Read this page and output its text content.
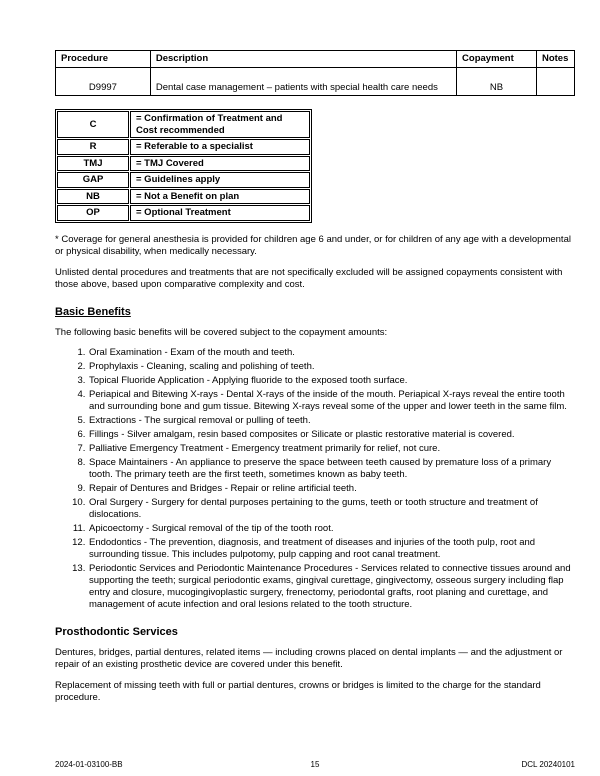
Procedure	Description	Copayment	Notes
D9997	Dental case management – patients with special health care needs	NB	
C	= Confirmation of Treatment and Cost recommended
R	= Referable to a specialist
TMJ	= TMJ Covered
GAP	= Guidelines apply
NB	= Not a Benefit on plan
OP	= Optional Treatment

* Coverage for general anesthesia is provided for children age 6 and under, or for children of any age with a developmental or physical disability, when medically necessary.

Unlisted dental procedures and treatments that are not specifically excluded will be assigned copayments consistent with those above, based upon comparative complexity and cost.

Basic Benefits

The following basic benefits will be covered subject to the copayment amounts:

1. Oral Examination - Exam of the mouth and teeth.
2. Prophylaxis - Cleaning, scaling and polishing of teeth.
3. Topical Fluoride Application - Applying fluoride to the exposed tooth surface.
4. Periapical and Bitewing X-rays - Dental X-rays of the inside of the mouth. Periapical X-rays reveal the entire tooth and surrounding bone and gum tissue. Bitewing X-rays reveal some of the upper and lower teeth in the same film.
5. Extractions - The surgical removal or pulling of teeth.
6. Fillings - Silver amalgam, resin based composites or Silicate or plastic restorative material is covered.
7. Palliative Emergency Treatment - Emergency treatment primarily for relief, not cure.
8. Space Maintainers - An appliance to preserve the space between teeth caused by premature loss of a primary tooth. The primary teeth are the first teeth, sometimes known as baby teeth.
9. Repair of Dentures and Bridges - Repair or reline artificial teeth.
10. Oral Surgery - Surgery for dental purposes pertaining to the gums, teeth or tooth structure and treatment of dislocations.
11. Apicoectomy - Surgical removal of the tip of the tooth root.
12. Endodontics - The prevention, diagnosis, and treatment of diseases and injuries of the tooth pulp, root and surrounding tissue. This includes pulpotomy, pulp capping and root canal treatment.
13. Periodontic Services and Periodontic Maintenance Procedures - Services related to connective tissues around and supporting the teeth; surgical periodontic exams, gingival curettage, gingivectomy, osseous surgery including flap entry and closure, mucogingivoplastic surgery, frenectomy, periodontal grafts, root planing and curettage, and management of acute infection and oral lesions related to the tooth structure.
Prosthodontic Services

Dentures, bridges, partial dentures, related items — including crowns placed on dental implants — and the adjustment or repair of an existing prosthetic device are covered under this benefit.

Replacement of missing teeth with full or partial dentures, crowns or bridges is limited to the charge for the standard procedure.

2024-01-03100-BB	15	DCL 20240101
